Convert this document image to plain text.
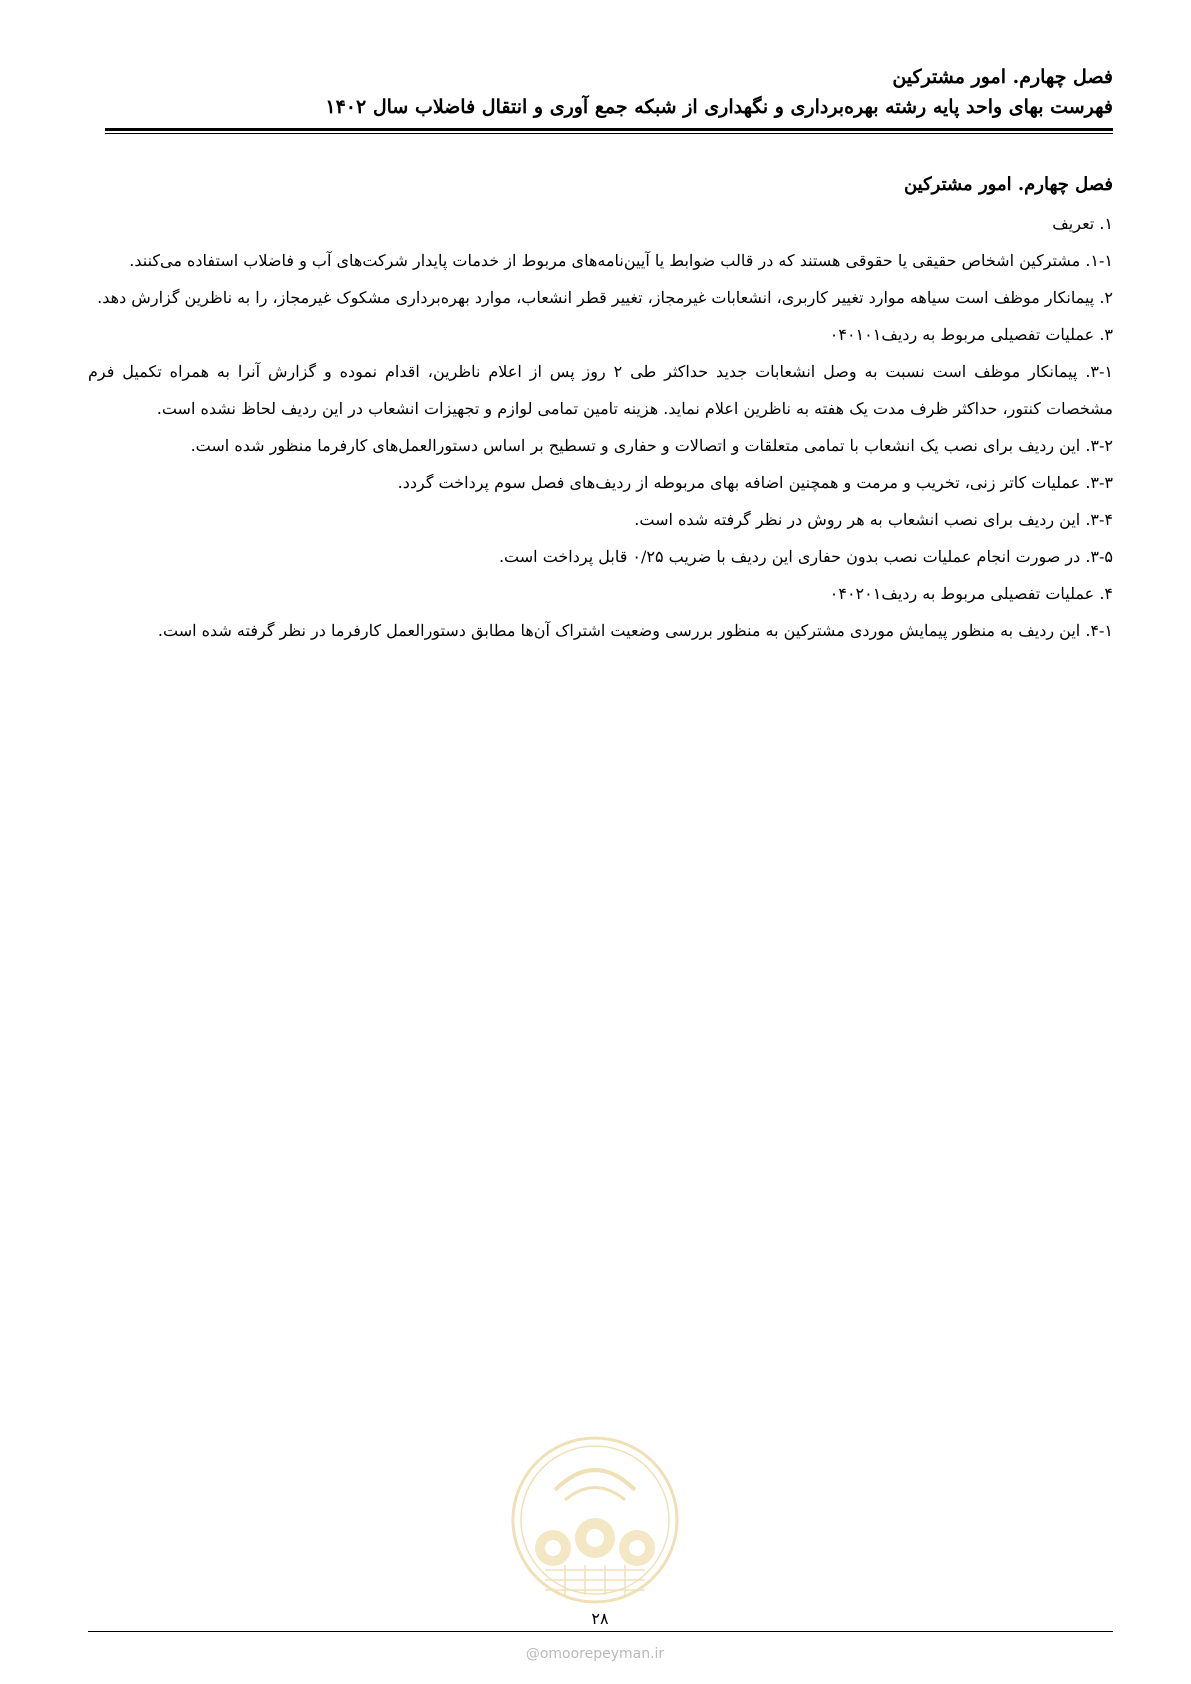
فصل چهارم. امور مشترکین
فهرست بهای واحد پایه رشته بهره‌برداری و نگهداری از شبکه جمع آوری و انتقال فاضلاب سال ۱۴۰۲
فصل چهارم. امور مشترکین

۱. تعریف

۱-۱. مشترکین اشخاص حقیقی یا حقوقی هستند که در قالب ضوابط یا آیین‌نامه‌های مربوط از خدمات پایدار شرکت‌های آب و فاضلاب استفاده می‌کنند.

۲. پیمانکار موظف است سیاهه موارد تغییر کاربری، انشعابات غیرمجاز، تغییر قطر انشعاب، موارد بهره‌برداری مشکوک غیرمجاز، را به ناظرین گزارش دهد.

۳. عملیات تفصیلی مربوط به ردیف۰۴۰۱۰۱

۳-۱. پیمانکار موظف است نسبت به وصل انشعابات جدید حداکثر طی ۲ روز پس از اعلام ناظرین، اقدام نموده و گزارش آنرا به همراه تکمیل فرم مشخصات کنتور، حداکثر ظرف مدت یک هفته به ناظرین اعلام نماید. هزینه تامین تمامی لوازم و تجهیزات انشعاب در این ردیف لحاظ نشده است.

۳-۲. این ردیف برای نصب یک انشعاب با تمامی متعلقات و اتصالات و حفاری و تسطیح بر اساس دستورالعمل‌های کارفرما منظور شده است.

۳-۳. عملیات کاتر زنی، تخریب و مرمت و همچنین اضافه بهای مربوطه از ردیف‌های فصل سوم پرداخت گردد.

۳-۴. این ردیف برای نصب انشعاب به هر روش در نظر گرفته شده است.

۳-۵. در صورت انجام عملیات نصب بدون حفاری این ردیف با ضریب ۰/۲۵ قابل پرداخت است.

۴. عملیات تفصیلی مربوط به ردیف۰۴۰۲۰۱

۴-۱. این ردیف به منظور پیمایش موردی مشترکین به منظور بررسی وضعیت اشتراک آن‌ها مطابق دستورالعمل کارفرما در نظر گرفته شده است.

۲۸
@omoorepeyman.ir
